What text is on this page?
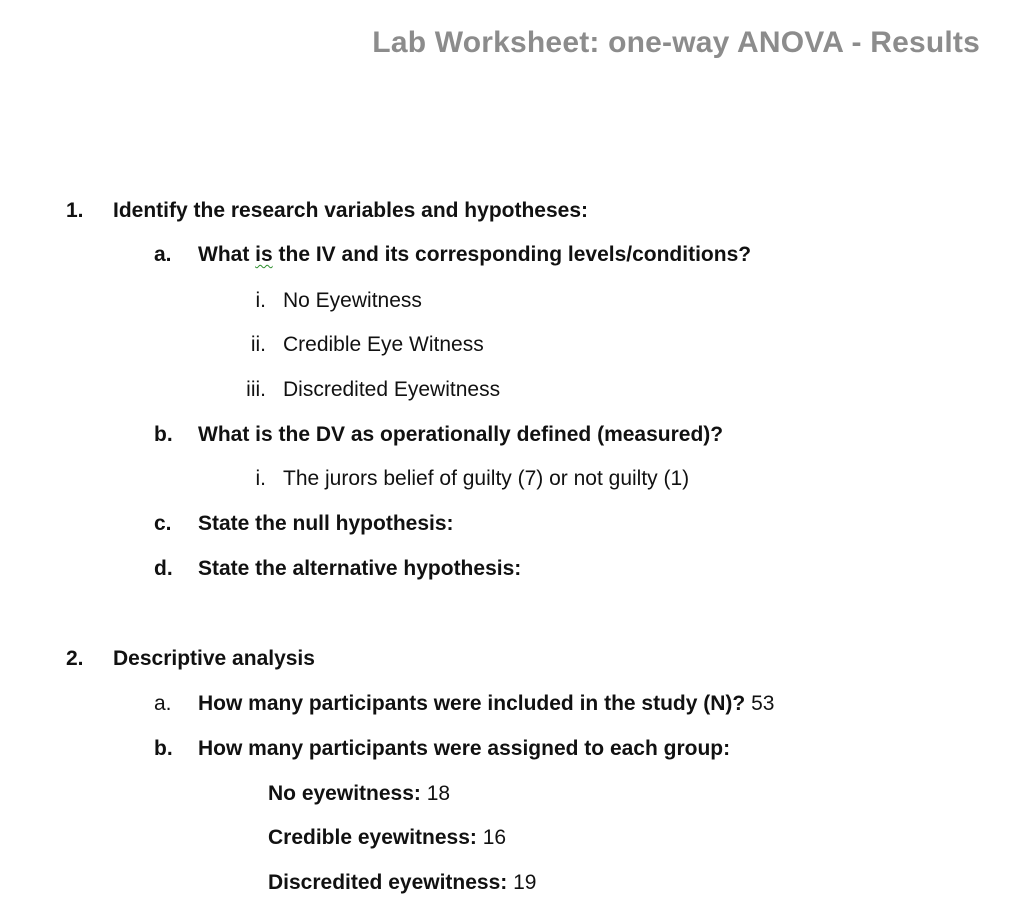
Lab Worksheet: one-way ANOVA - Results
1. Identify the research variables and hypotheses:
a. What is the IV and its corresponding levels/conditions?
i. No Eyewitness
ii. Credible Eye Witness
iii. Discredited Eyewitness
b. What is the DV as operationally defined (measured)?
i. The jurors belief of guilty (7) or not guilty (1)
c. State the null hypothesis:
d. State the alternative hypothesis:
2. Descriptive analysis
a. How many participants were included in the study (N)? 53
b. How many participants were assigned to each group:
No eyewitness: 18
Credible eyewitness: 16
Discredited eyewitness: 19
